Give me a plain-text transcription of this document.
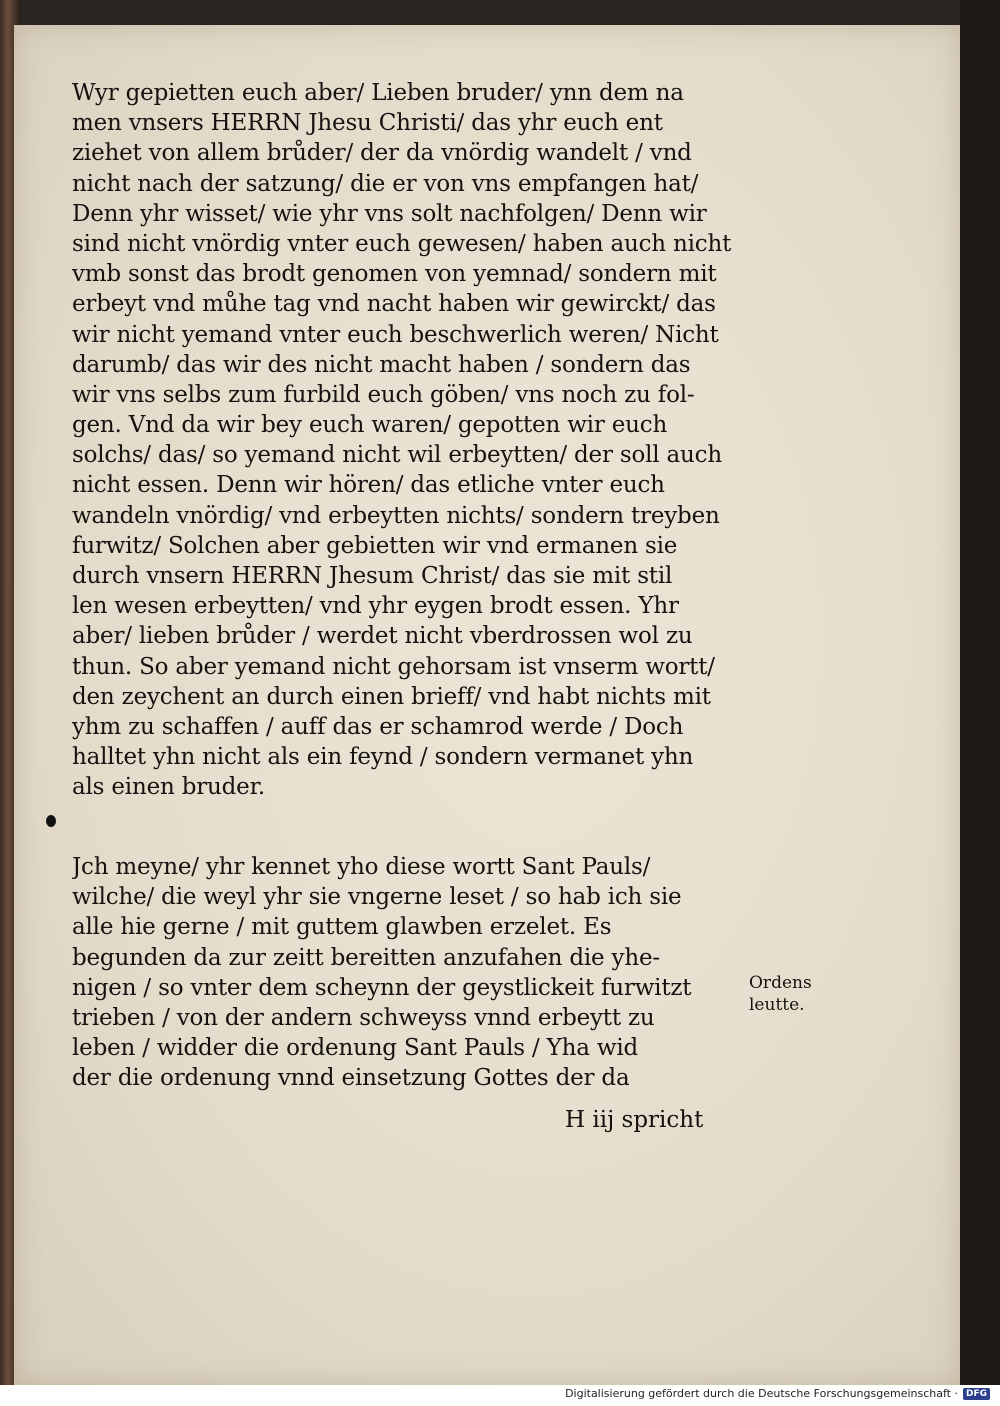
Wyr gepietten euch aber/ Lieben bruder/ ynn dem na
men vnsers HERRN Jhesu Christi/ das yhr euch ent
ziehet von allem brůder/ der da vnördig wandelt / vnd
nicht nach der satzung/ die er von vns empfangen hat/
Denn yhr wisset/ wie yhr vns solt nachfolgen/ Denn wir
sind nicht vnördig vnter euch gewesen/ haben auch nicht
vmb sonst das brodt genomen von yemnad/ sondern mit
erbeyt vnd můhe tag vnd nacht haben wir gewirckt/ das
wir nicht yemand vnter euch beschwerlich weren/ Nicht
darumb/ das wir des nicht macht haben / sondern das
wir vns selbs zum furbild euch göben/ vns noch zu fol-
gen. Vnd da wir bey euch waren/ gepotten wir euch
solchs/ das/ so yemand nicht wil erbeytten/ der soll auch
nicht essen. Denn wir hören/ das etliche vnter euch
wandeln vnördig/ vnd erbeytten nichts/ sondern treyben
furwitz/ Solchen aber gebietten wir vnd ermanen sie
durch vnsern HERRN Jhesum Christ/ das sie mit stil
len wesen erbeytten/ vnd yhr eygen brodt essen. Yhr
aber/ lieben brůder / werdet nicht vberdrossen wol zu
thun. So aber yemand nicht gehorsam ist vnserm wortt/
den zeychent an durch einen brieff/ vnd habt nichts mit
yhm zu schaffen / auff das er schamrod werde / Doch
halltet yhn nicht als ein feynd / sondern vermanet yhn
als einen bruder.
Jch meyne/ yhr kennet yho diese wortt Sant Pauls/
wilche/ die weyl yhr sie vngerne leset / so hab ich sie
alle hie gerne / mit guttem glawben erzelet. Es
begunden da zur zeitt bereitten anzufahen die yhe-
nigen / so vnter dem scheynn der geystlickeit furwitzt
trieben / von der andern schweyss vnnd erbeytt zu
leben / widder die ordenung Sant Pauls / Yha wid
der die ordenung vnnd einsetzung Gottes der da
Ordens
leutte.
H iij spricht
Digitalisierung gefördert durch die Deutsche Forschungsgemeinschaft · DFG
